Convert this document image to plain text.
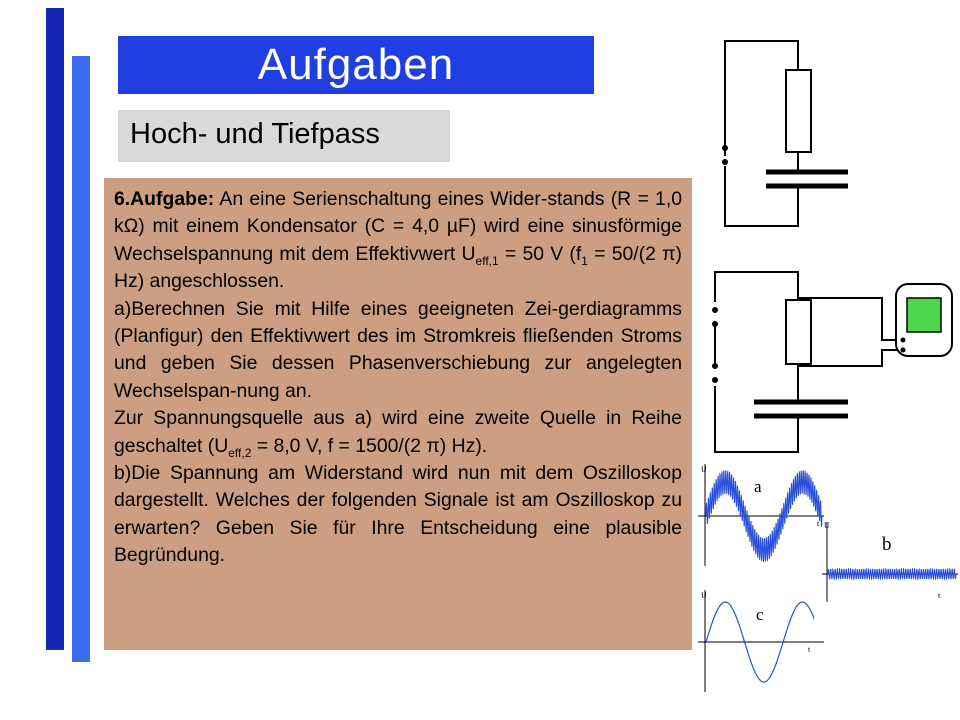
Aufgaben
Hoch- und Tiefpass

6.Aufgabe: An eine Serienschaltung eines Wider-stands (R = 1,0 kΩ) mit einem Kondensator (C = 4,0 µF) wird eine sinusförmige Wechselspannung mit dem Effektivwert $U_{eff,1} = 50$ V ($f_1 = 50/(2$ π) Hz) angeschlossen.

a)Berechnen Sie mit Hilfe eines geeigneten Zei-gerdiagramms (Planfigur) den Effektivwert des im Stromkreis fließenden Stroms und geben Sie dessen Phasenverschiebung zur angelegten Wechselspan-nung an.

Zur Spannungsquelle aus a) wird eine zweite Quelle in Reihe geschaltet ($U_{eff,2} = 8,0$ V, f = 1500/(2 π) Hz).

b)Die Spannung am Widerstand wird nun mit dem Oszilloskop dargestellt. Welches der folgenden Signale ist am Oszilloskop zu erwarten? Geben Sie für Ihre Entscheidung eine plausible Begründung.

U
t
a
U
t
b
U
t
c
